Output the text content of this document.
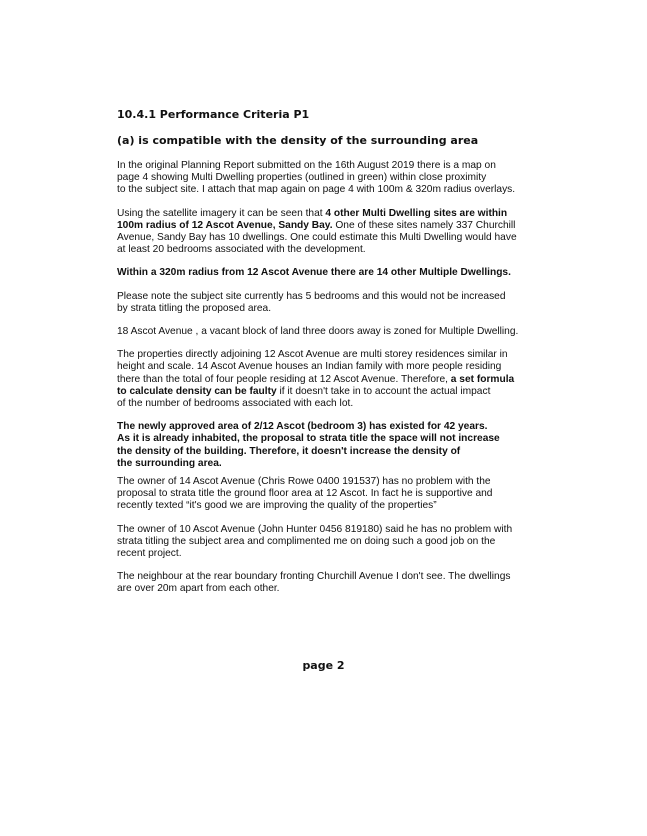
10.4.1 Performance Criteria P1
(a) is compatible with the density of the surrounding area

In the original Planning Report submitted on the 16th August 2019 there is a map on
page 4 showing Multi Dwelling properties (outlined in green) within close proximity
to the subject site. I attach that map again on page 4 with 100m & 320m radius overlays.

Using the satellite imagery it can be seen that 4 other Multi Dwelling sites are within
100m radius of 12 Ascot Avenue, Sandy Bay. One of these sites namely 337 Churchill
Avenue, Sandy Bay has 10 dwellings. One could estimate this Multi Dwelling would have
at least 20 bedrooms associated with the development.

Within a 320m radius from 12 Ascot Avenue there are 14 other Multiple Dwellings.

Please note the subject site currently has 5 bedrooms and this would not be increased
by strata titling the proposed area.

18 Ascot Avenue , a vacant block of land three doors away is zoned for Multiple Dwelling.

The properties directly adjoining 12 Ascot Avenue are multi storey residences similar in
height and scale. 14 Ascot Avenue houses an Indian family with more people residing
there than the total of four people residing at 12 Ascot Avenue. Therefore, a set formula
to calculate density can be faulty if it doesn't take in to account the actual impact
of the number of bedrooms associated with each lot.

The newly approved area of 2/12 Ascot (bedroom 3) has existed for 42 years.
As it is already inhabited, the proposal to strata title the space will not increase
the density of the building. Therefore, it doesn't increase the density of
the surrounding area.

The owner of 14 Ascot Avenue (Chris Rowe 0400 191537) has no problem with the
proposal to strata title the ground floor area at 12 Ascot. In fact he is supportive and
recently texted “it's good we are improving the quality of the properties”

The owner of 10 Ascot Avenue (John Hunter 0456 819180) said he has no problem with
strata titling the subject area and complimented me on doing such a good job on the
recent project.

The neighbour at the rear boundary fronting Churchill Avenue I don't see. The dwellings
are over 20m apart from each other.

page 2
